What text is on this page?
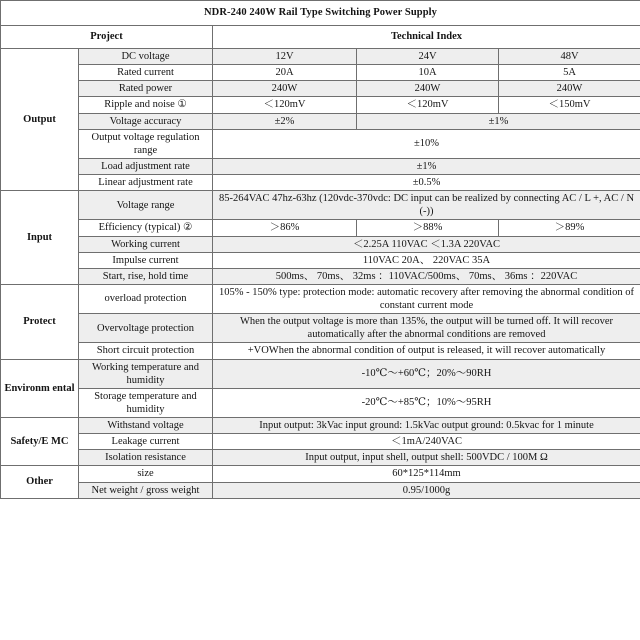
NDR-240 240W Rail Type Switching Power Supply				
Project		Technical Index		
Output	DC voltage	12V	24V	48V
	Rated current	20A	10A	5A
	Rated power	240W	240W	240W
	Ripple and noise ①	＜120mV	＜120mV	＜150mV
	Voltage accuracy	±2%	±1%	
	Output voltage regulation range	±10%		
	Load adjustment rate	±1%		
	Linear adjustment rate	±0.5%		
Input	Voltage range	85-264VAC 47hz-63hz (120vdc-370vdc: DC input can be realized by connecting AC / L +, AC / N (-))		
	Efficiency (typical) ②	＞86%	＞88%	＞89%
	Working current	＜2.25A 110VAC ＜1.3A 220VAC		
	Impulse current	110VAC 20A、 220VAC 35A		
	Start, rise, hold time	500ms、 70ms、 32ms ：110VAC/500ms、 70ms、 36ms ：220VAC		
Protect	overload protection	105% - 150% type: protection mode: automatic recovery after removing the abnormal condition of constant current mode		
	Overvoltage protection	When the output voltage is more than 135%, the output will be turned off. It will recover automatically after the abnormal conditions are removed		
	Short circuit protection	+VOWhen the abnormal condition of output is released, it will recover automatically		
Environm ental	Working temperature and humidity	-10℃～+60℃；20%～90RH		
	Storage temperature and humidity	-20℃～+85℃；10%～95RH		
Safety/E MC	Withstand voltage	Input output: 3kVac input ground: 1.5kVac output ground: 0.5kvac for 1 minute		
	Leakage current	＜1mA/240VAC		
	Isolation resistance	Input output, input shell, output shell: 500VDC / 100M Ω		
Other	size	60*125*114mm		
	Net weight / gross weight	0.95/1000g		
